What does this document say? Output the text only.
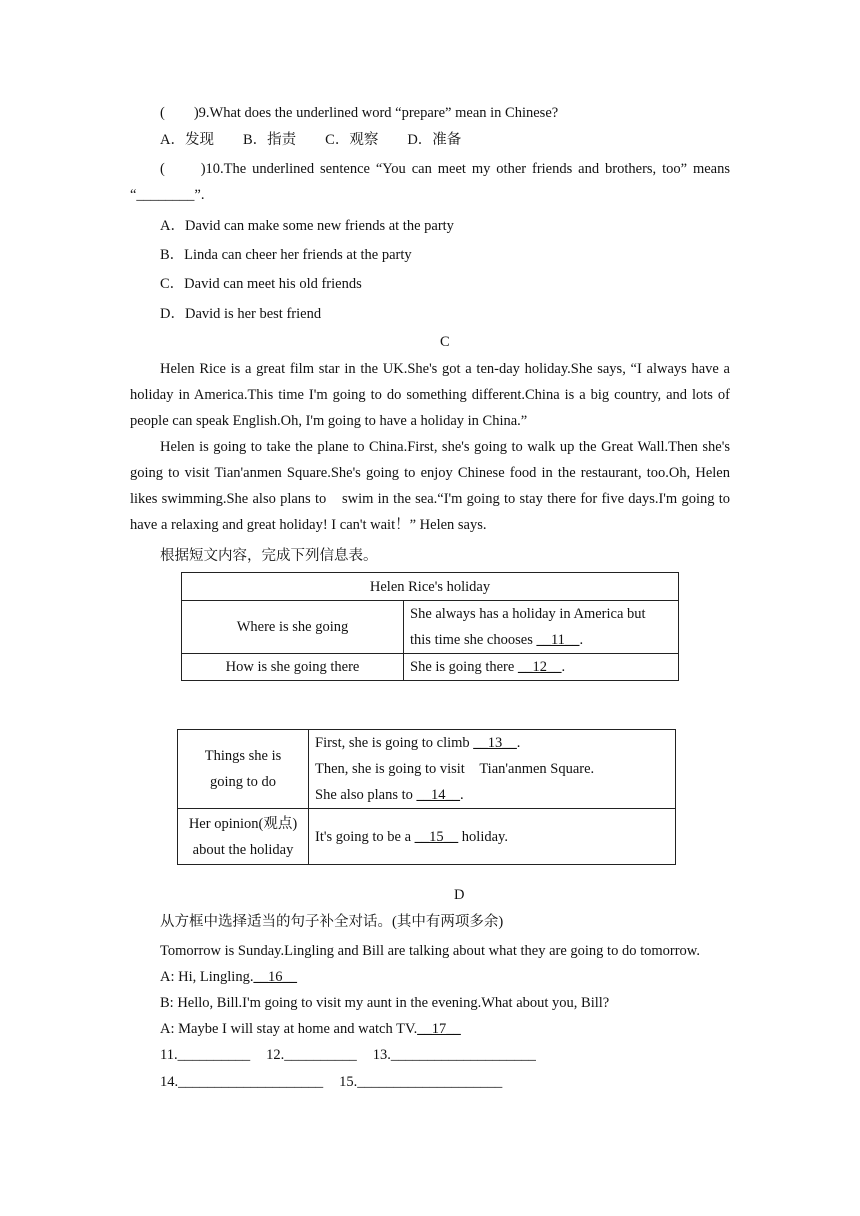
(　　)9.What does the underlined word “prepare” mean in Chinese?
A．发现　　B．指责　　C．观察　　D．准备

(　　)10.The underlined sentence “You can meet my other friends and brothers, too” means “________”.

A．David can make some new friends at the party
B．Linda can cheer her friends at the party
C．David can meet his old friends
D．David is her best friend
C

Helen Rice is a great film star in the UK.She's got a ten-day holiday.She says, “I always have a holiday in America.This time I'm going to do something different.China is a big country, and lots of people can speak English.Oh, I'm going to have a holiday in China.”

Helen is going to take the plane to China.First, she's going to walk up the Great Wall.Then she's going to visit Tian'anmen Square.She's going to enjoy Chinese food in the restaurant, too.Oh, Helen likes swimming.She also plans to　swim in the sea.“I'm going to stay there for five days.I'm going to have a relaxing and great holiday! I can't wait！” Helen says.

根据短文内容，完成下列信息表。
Helen Rice's holiday	
Where is she going	She always has a holiday in America but
this time she chooses __11__.

How is she going there	She is going there __12__.
Things she is
going to do	First, she is going to climb __13__.
Then, she is going to visit　Tian'anmen Square.
She also plans to __14__.

Her opinion(观点)
about the holiday	It's going to be a __15__ holiday.
D
从方框中选择适当的句子补全对话。(其中有两项多余)
Tomorrow is Sunday.Lingling and Bill are talking about what they are going to do tomorrow.
A: Hi, Lingling.__16__
B: Hello, Bill.I'm going to visit my aunt in the evening.What about you, Bill?
A: Maybe I will stay at home and watch TV.__17__
11.__________ 12.__________ 13.____________________
14.____________________ 15.____________________
